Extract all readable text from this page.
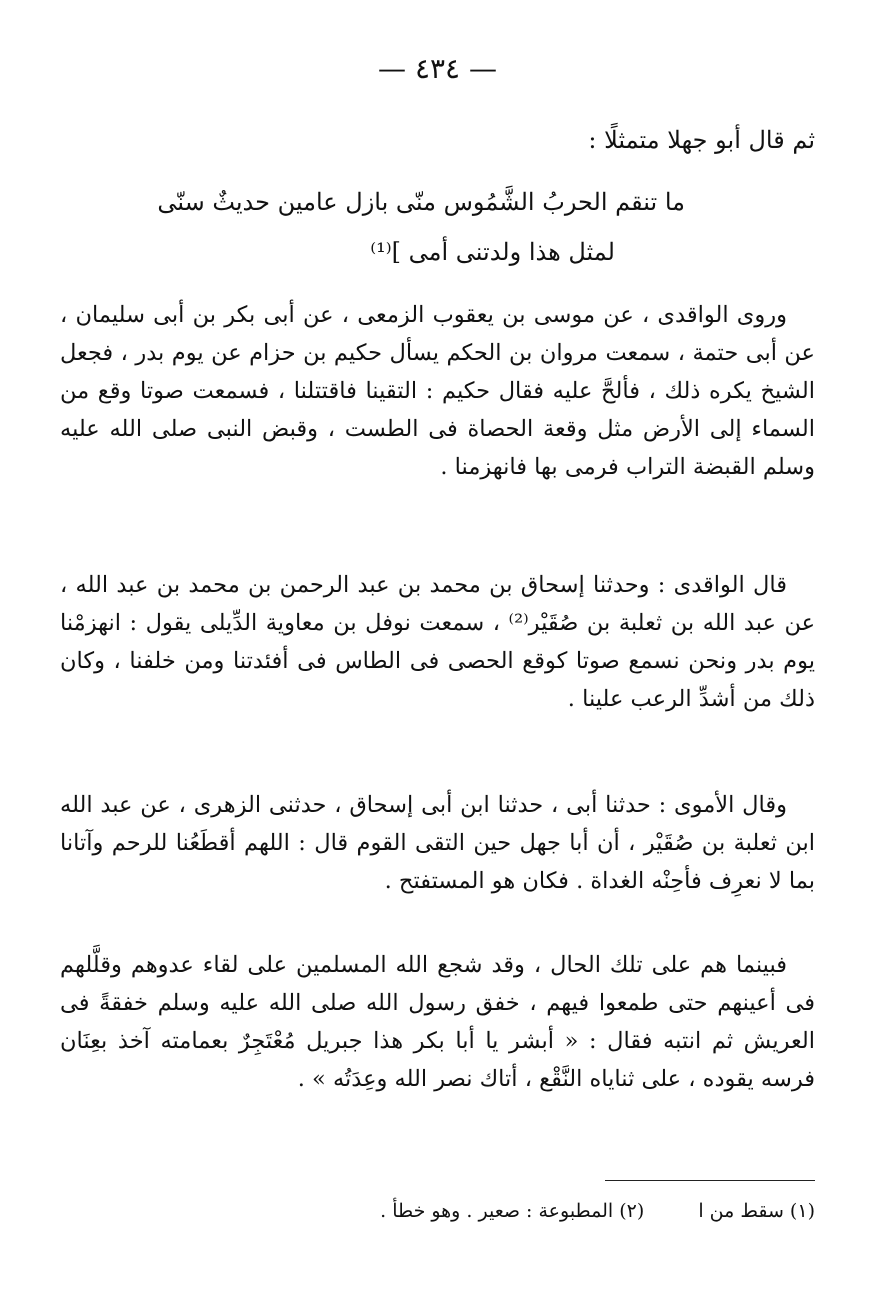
— ٤٣٤ —
ثم قال أبو جهلا متمثلًا :
ما تنقم الحربُ الشَّمُوس منّى بازل عامين حديثٌ سنّى
لمثل هذا ولدتنى أمى ]⁽¹⁾
وروى الواقدى ، عن موسى بن يعقوب الزمعى ، عن أبى بكر بن أبى سليمان ، عن أبى حتمة ، سمعت مروان بن الحكم يسأل حكيم بن حزام عن يوم بدر ، فجعل الشيخ يكره ذلك ، فألحَّ عليه فقال حكيم : التقينا فاقتتلنا ، فسمعت صوتا وقع من السماء إلى الأرض مثل وقعة الحصاة فى الطست ، وقبض النبى صلى الله عليه وسلم القبضة التراب فرمى بها فانهزمنا .
قال الواقدى : وحدثنا إسحاق بن محمد بن عبد الرحمن بن محمد بن عبد الله ، عن عبد الله بن ثعلبة بن صُقَيْر⁽²⁾ ، سمعت نوفل بن معاوية الدِّيلى يقول : انهزمْنا يوم بدر ونحن نسمع صوتا كوقع الحصى فى الطاس فى أفئدتنا ومن خلفنا ، وكان ذلك من أشدِّ الرعب علينا .
وقال الأموى : حدثنا أبى ، حدثنا ابن أبى إسحاق ، حدثنى الزهرى ، عن عبد الله ابن ثعلبة بن صُقَيْر ، أن أبا جهل حين التقى القوم قال : اللهم أقطَعُنا للرحم وآتانا بما لا نعرِف فأحِنْه الغداة . فكان هو المستفتح .
فبينما هم على تلك الحال ، وقد شجع الله المسلمين على لقاء عدوهم وقلَّلهم فى أعينهم حتى طمعوا فيهم ، خفق رسول الله صلى الله عليه وسلم خفقةً فى العريش ثم انتبه فقال : « أبشر يا أبا بكر هذا جبريل مُعْتَجِرٌ بعمامته آخذ بعِنَان فرسه يقوده ، على ثناياه النَّقْع ، أتاك نصر الله وعِدَتُه » .
(١) سقط من ا (٢) المطبوعة : صعير . وهو خطأ .
